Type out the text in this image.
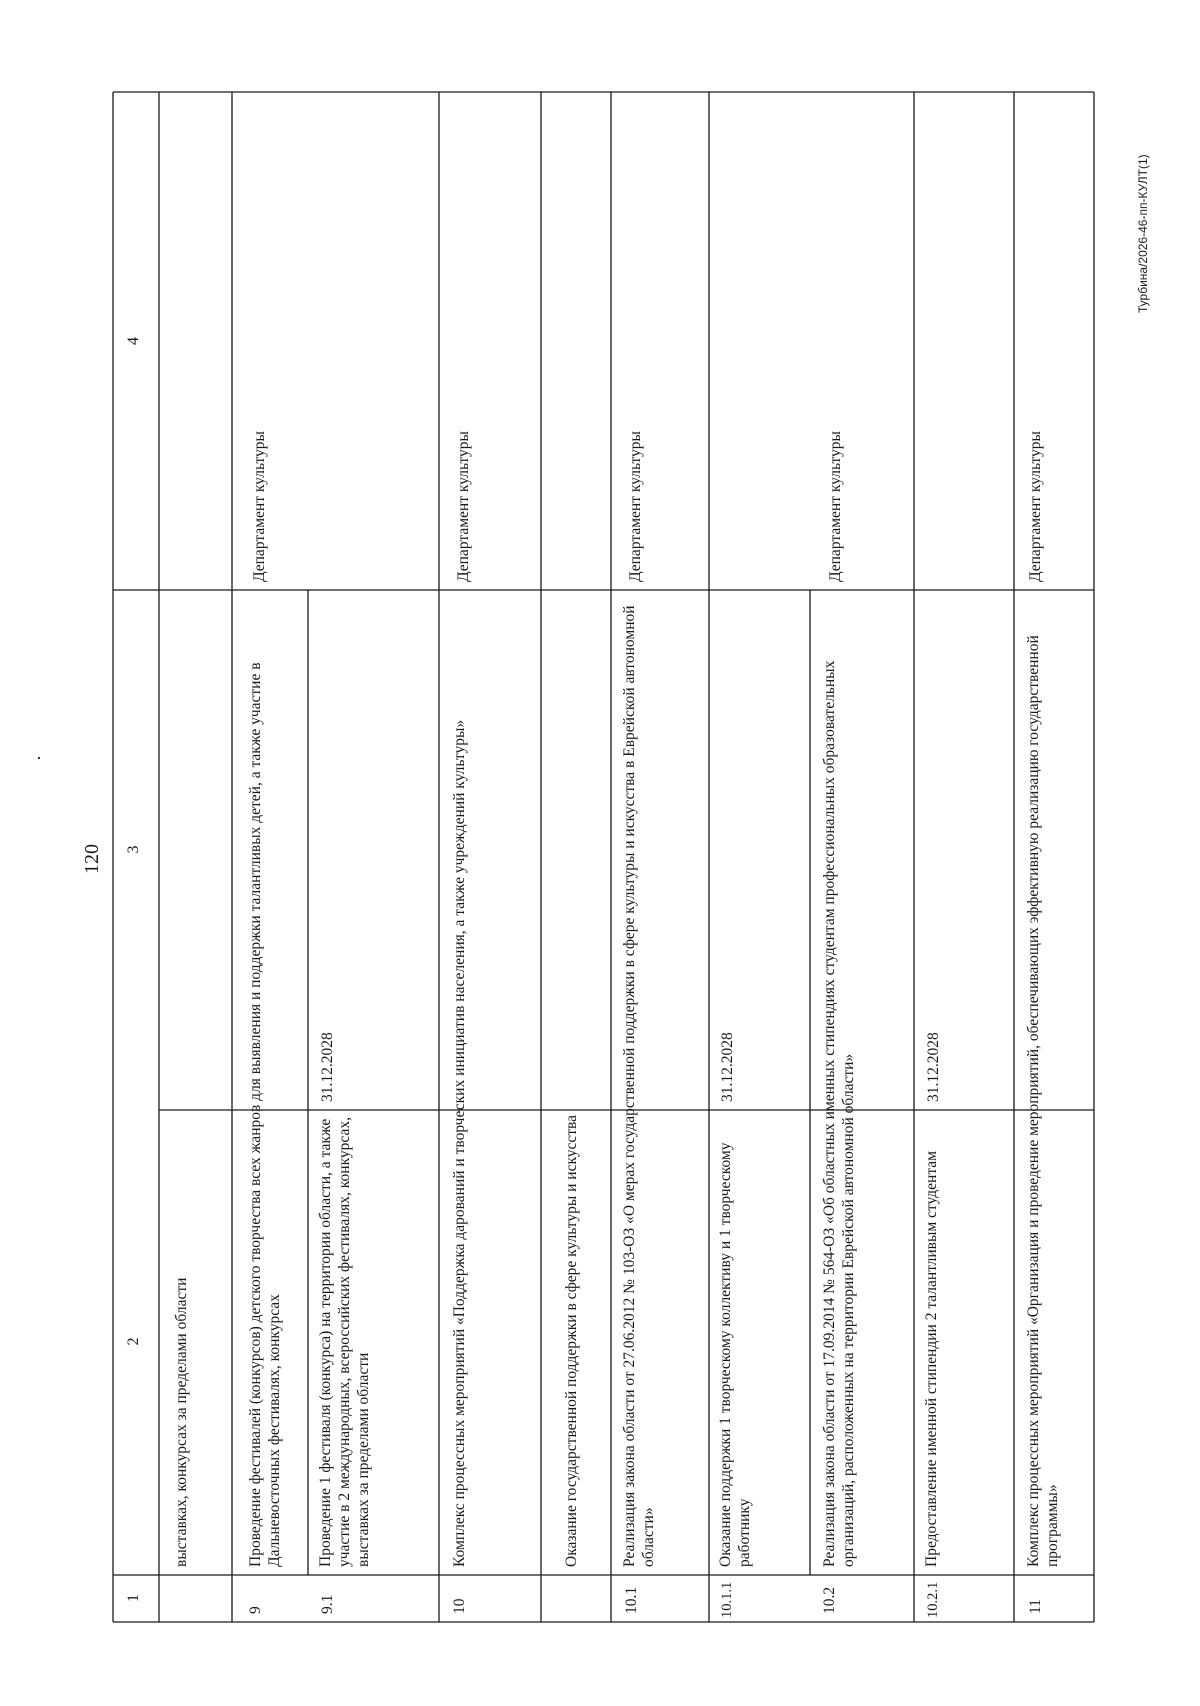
120
Турбина/2026-46-пп-КУЛТ(1)
1
2
3
4
выставках, конкурсах за пределами области
9
Проведение фестивалей (конкурсов) детского творчества всех жанров для выявления и поддержки талантливых детей, а также участие в Дальневосточных фестивалях, конкурсах
Департамент культуры
9.1
Проведение 1 фестиваля (конкурса) на территории области, а также участие в 2 международных, всероссийских фестивалях, конкурсах, выставках за пределами области
31.12.2028
10
Комплекс процессных мероприятий «Поддержка дарований и творческих инициатив населения, а также учреждений культуры»
Департамент культуры
Оказание государственной поддержки в сфере культуры и искусства
10.1
Реализация закона области от 27.06.2012 № 103-ОЗ «О мерах государственной поддержки в сфере культуры и искусства в Еврейской автономной области»
Департамент культуры
10.1.1
Оказание поддержки 1 творческому коллективу и 1 творческому работнику
31.12.2028
10.2
Реализация закона области от 17.09.2014 № 564-ОЗ «Об областных именных стипендиях студентам профессиональных образовательных организаций, расположенных на территории Еврейской автономной области»
Департамент культуры
10.2.1
Предоставление именной стипендии 2 талантливым студентам
31.12.2028
11
Комплекс процессных мероприятий «Организация и проведение мероприятий, обеспечивающих эффективную реализацию государственной программы»
Департамент культуры
